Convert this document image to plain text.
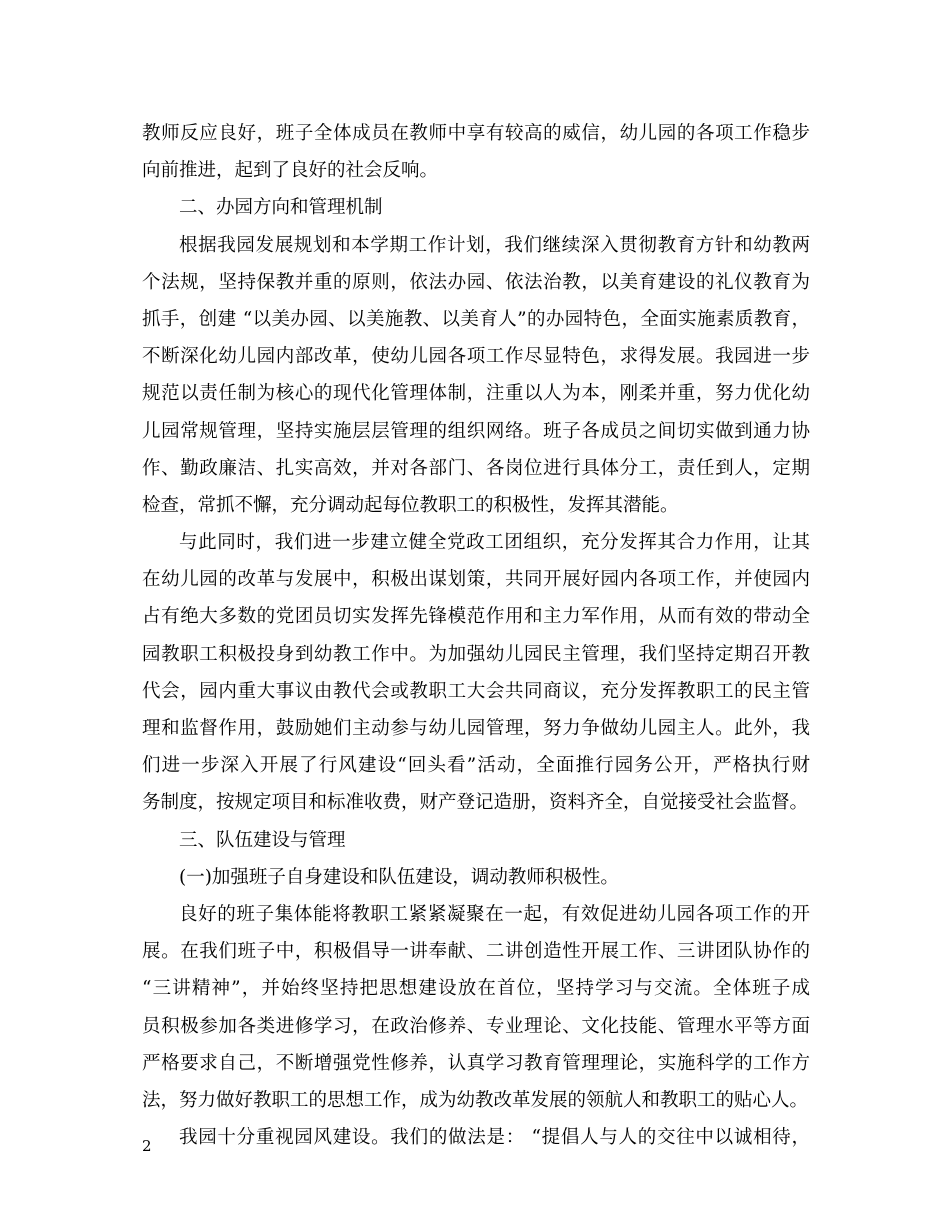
教师反应良好，班子全体成员在教师中享有较高的威信，幼儿园的各项工作稳步
向前推进，起到了良好的社会反响。
二、办园方向和管理机制
根据我园发展规划和本学期工作计划，我们继续深入贯彻教育方针和幼教两
个法规，坚持保教并重的原则，依法办园、依法治教，以美育建设的礼仪教育为
抓手，创建 “以美办园、以美施教、以美育人”的办园特色，全面实施素质教育，
不断深化幼儿园内部改革，使幼儿园各项工作尽显特色，求得发展。我园进一步
规范以责任制为核心的现代化管理体制，注重以人为本，刚柔并重，努力优化幼
儿园常规管理，坚持实施层层管理的组织网络。班子各成员之间切实做到通力协
作、勤政廉洁、扎实高效，并对各部门、各岗位进行具体分工，责任到人，定期
检查，常抓不懈，充分调动起每位教职工的积极性，发挥其潜能。
与此同时，我们进一步建立健全党政工团组织，充分发挥其合力作用，让其
在幼儿园的改革与发展中，积极出谋划策，共同开展好园内各项工作，并使园内
占有绝大多数的党团员切实发挥先锋模范作用和主力军作用，从而有效的带动全
园教职工积极投身到幼教工作中。为加强幼儿园民主管理，我们坚持定期召开教
代会，园内重大事议由教代会或教职工大会共同商议，充分发挥教职工的民主管
理和监督作用，鼓励她们主动参与幼儿园管理，努力争做幼儿园主人。此外，我
们进一步深入开展了行风建设“回头看”活动，全面推行园务公开，严格执行财
务制度，按规定项目和标准收费，财产登记造册，资料齐全，自觉接受社会监督。
三、队伍建设与管理
(一)加强班子自身建设和队伍建设，调动教师积极性。
良好的班子集体能将教职工紧紧凝聚在一起，有效促进幼儿园各项工作的开
展。在我们班子中，积极倡导一讲奉献、二讲创造性开展工作、三讲团队协作的
“三讲精神”，并始终坚持把思想建设放在首位，坚持学习与交流。全体班子成
员积极参加各类进修学习，在政治修养、专业理论、文化技能、管理水平等方面
严格要求自己，不断增强党性修养，认真学习教育管理理论，实施科学的工作方
法，努力做好教职工的思想工作，成为幼教改革发展的领航人和教职工的贴心人。
我园十分重视园风建设。我们的做法是： “提倡人与人的交往中以诚相待，
2
